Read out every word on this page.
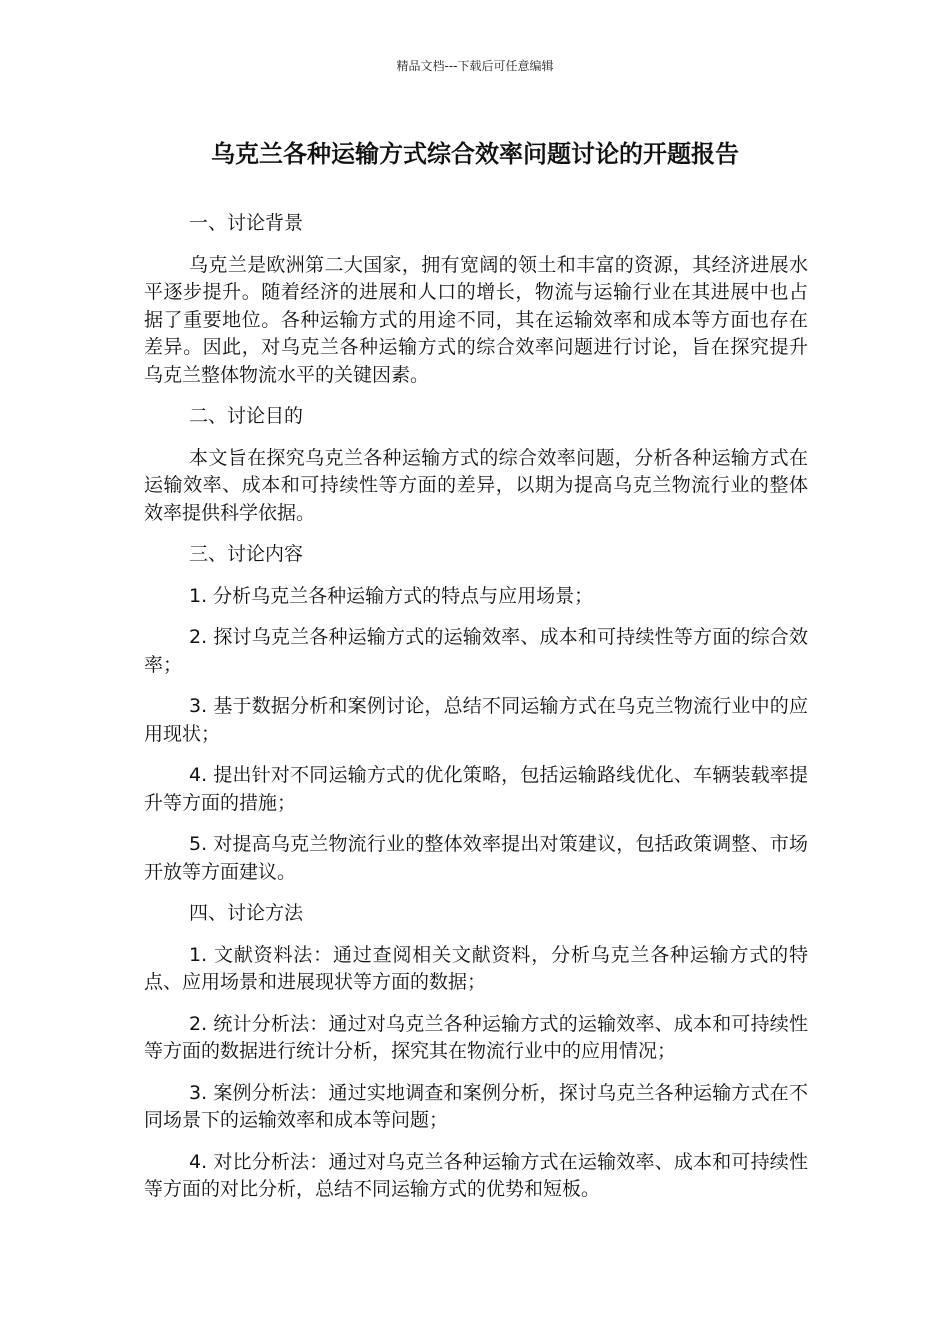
精品文档---下载后可任意编辑
乌克兰各种运输方式综合效率问题讨论的开题报告

一、讨论背景

乌克兰是欧洲第二大国家，拥有宽阔的领土和丰富的资源，其经济进展水平逐步提升。随着经济的进展和人口的增长，物流与运输行业在其进展中也占据了重要地位。各种运输方式的用途不同，其在运输效率和成本等方面也存在差异。因此，对乌克兰各种运输方式的综合效率问题进行讨论，旨在探究提升乌克兰整体物流水平的关键因素。

二、讨论目的

本文旨在探究乌克兰各种运输方式的综合效率问题，分析各种运输方式在运输效率、成本和可持续性等方面的差异，以期为提高乌克兰物流行业的整体效率提供科学依据。

三、讨论内容

1. 分析乌克兰各种运输方式的特点与应用场景；

2. 探讨乌克兰各种运输方式的运输效率、成本和可持续性等方面的综合效率；

3. 基于数据分析和案例讨论，总结不同运输方式在乌克兰物流行业中的应用现状；

4. 提出针对不同运输方式的优化策略，包括运输路线优化、车辆装载率提升等方面的措施；

5. 对提高乌克兰物流行业的整体效率提出对策建议，包括政策调整、市场开放等方面建议。

四、讨论方法

1. 文献资料法：通过查阅相关文献资料，分析乌克兰各种运输方式的特点、应用场景和进展现状等方面的数据；

2. 统计分析法：通过对乌克兰各种运输方式的运输效率、成本和可持续性等方面的数据进行统计分析，探究其在物流行业中的应用情况；

3. 案例分析法：通过实地调查和案例分析，探讨乌克兰各种运输方式在不同场景下的运输效率和成本等问题；

4. 对比分析法：通过对乌克兰各种运输方式在运输效率、成本和可持续性等方面的对比分析，总结不同运输方式的优势和短板。
